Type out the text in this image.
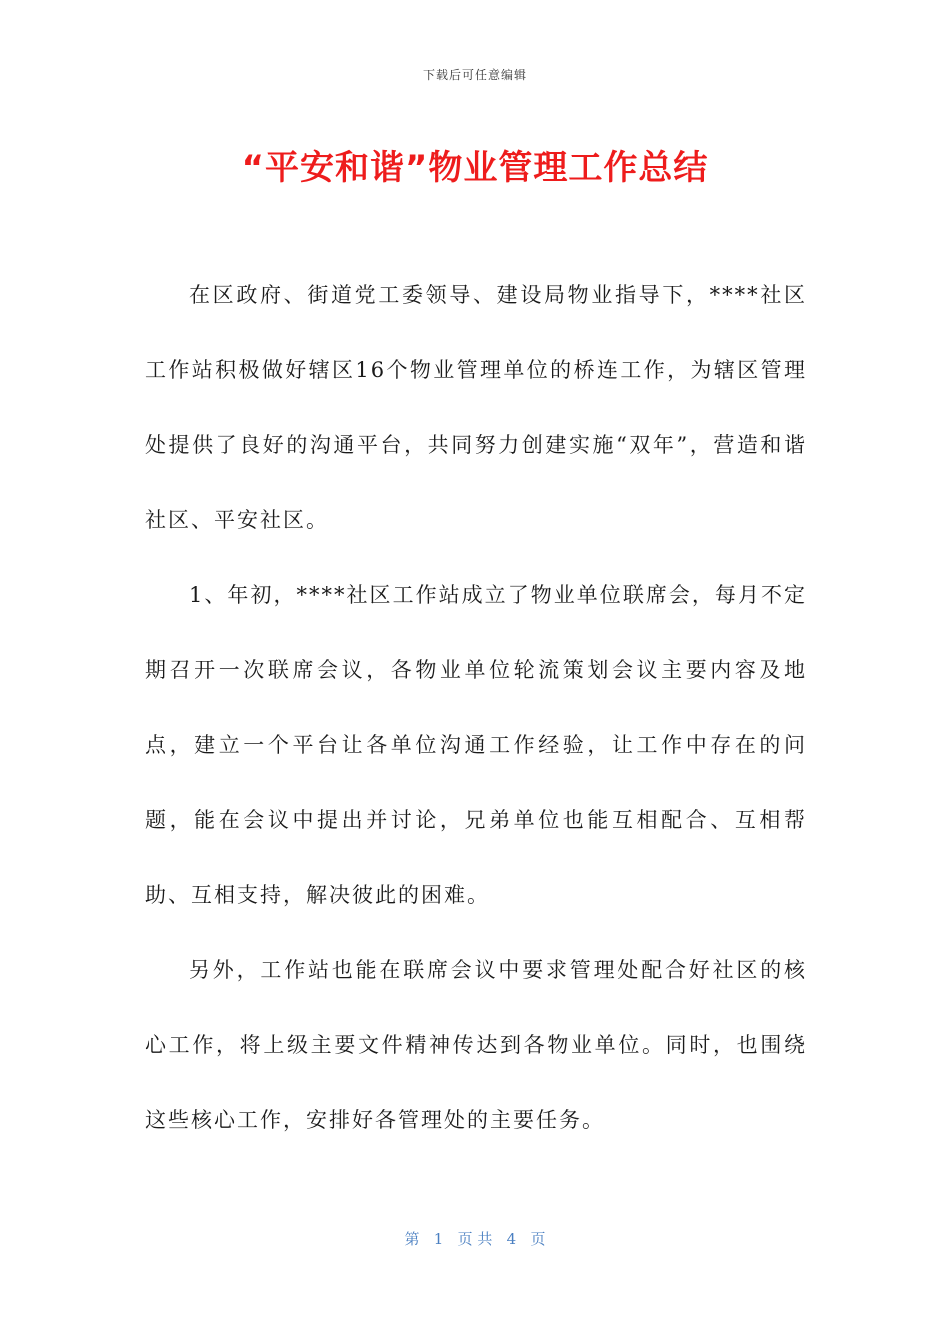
下载后可任意编辑
“平安和谐”物业管理工作总结

在区政府、街道党工委领导、建设局物业指导下，****社区工作站积极做好辖区16个物业管理单位的桥连工作，为辖区管理处提供了良好的沟通平台，共同努力创建实施“双年”，营造和谐社区、平安社区。

1、年初，****社区工作站成立了物业单位联席会，每月不定期召开一次联席会议，各物业单位轮流策划会议主要内容及地点，建立一个平台让各单位沟通工作经验，让工作中存在的问题，能在会议中提出并讨论，兄弟单位也能互相配合、互相帮助、互相支持，解决彼此的困难。

另外，工作站也能在联席会议中要求管理处配合好社区的核心工作，将上级主要文件精神传达到各物业单位。同时，也围绕这些核心工作，安排好各管理处的主要任务。

第   1   页 共   4   页
